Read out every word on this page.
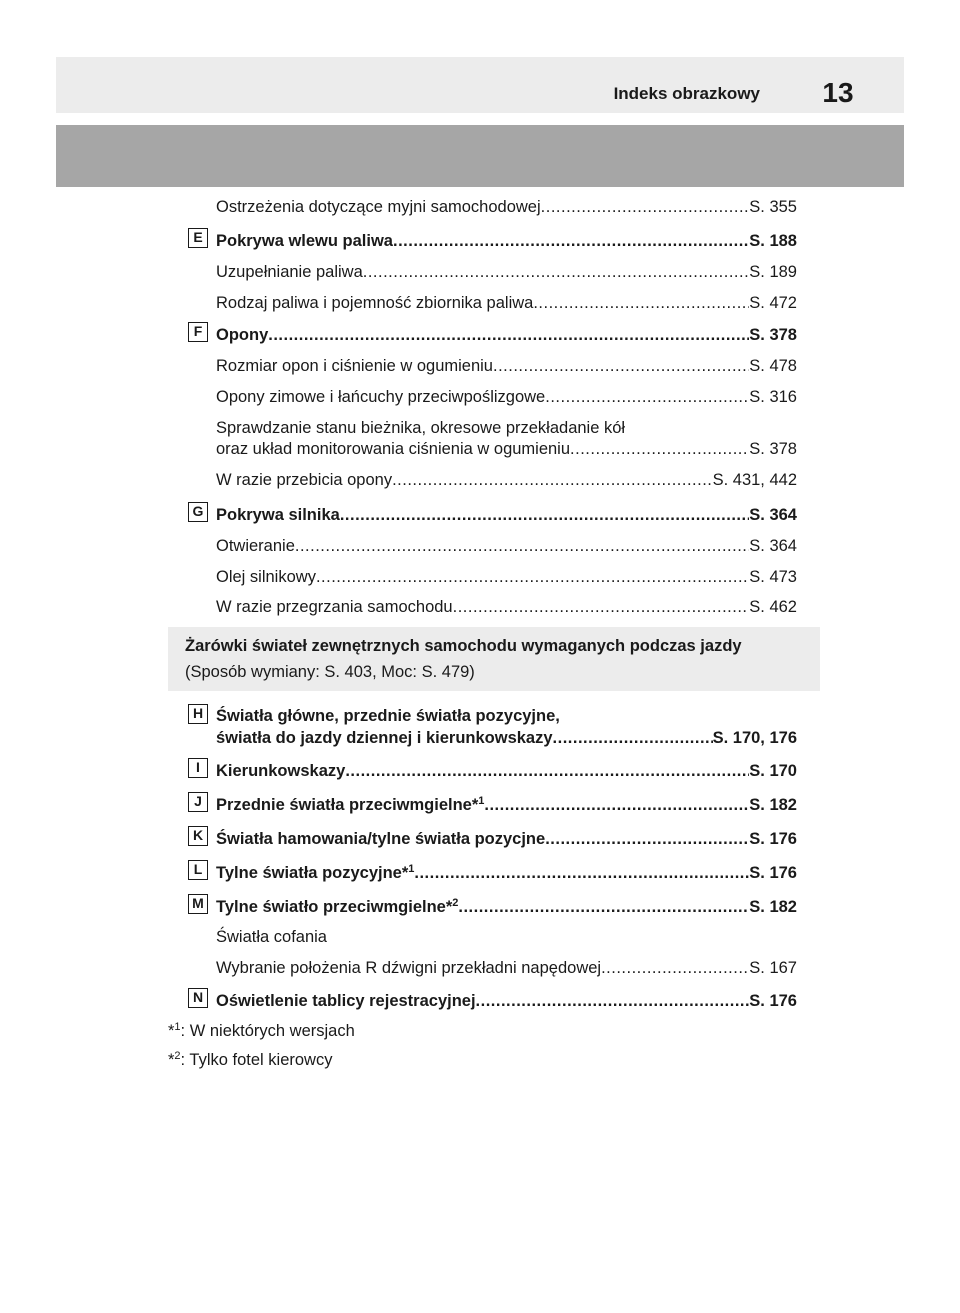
Indeks obrazkowy	13
Ostrzeżenia dotyczące myjni samochodowej .....	S. 355
E Pokrywa wlewu paliwa .....	S. 188
Uzupełnianie paliwa .....	S. 189
Rodzaj paliwa i pojemność zbiornika paliwa .....	S. 472
F Opony .....	S. 378
Rozmiar opon i ciśnienie w ogumieniu .....	S. 478
Opony zimowe i łańcuchy przeciwpoślizgowe .....	S. 316
Sprawdzanie stanu bieżnika, okresowe przekładanie kół
oraz układ monitorowania ciśnienia w ogumieniu .....	S. 378
W razie przebicia opony .....	S. 431, 442
G Pokrywa silnika .....	S. 364
Otwieranie .....	S. 364
Olej silnikowy .....	S. 473
W razie przegrzania samochodu .....	S. 462
Żarówki świateł zewnętrznych samochodu wymaganych podczas jazdy
(Sposób wymiany: S. 403, Moc: S. 479)
H Światła główne, przednie światła pozycyjne,
światła do jazdy dziennej i kierunkowskazy .....	S. 170, 176
I Kierunkowskazy .....	S. 170
J Przednie światła przeciwmgielne*$^1$ .....	S. 182
K Światła hamowania/tylne światła pozycjne .....	S. 176
L Tylne światła pozycyjne*$^1$ .....	S. 176
M Tylne światło przeciwmgielne*$^2$ .....	S. 182
Światła cofania
Wybranie położenia R dźwigni przekładni napędowej .....	S. 167
N Oświetlenie tablicy rejestracyjnej .....	S. 176
*$^1$: W niektórych wersjach
*$^2$: Tylko fotel kierowcy
